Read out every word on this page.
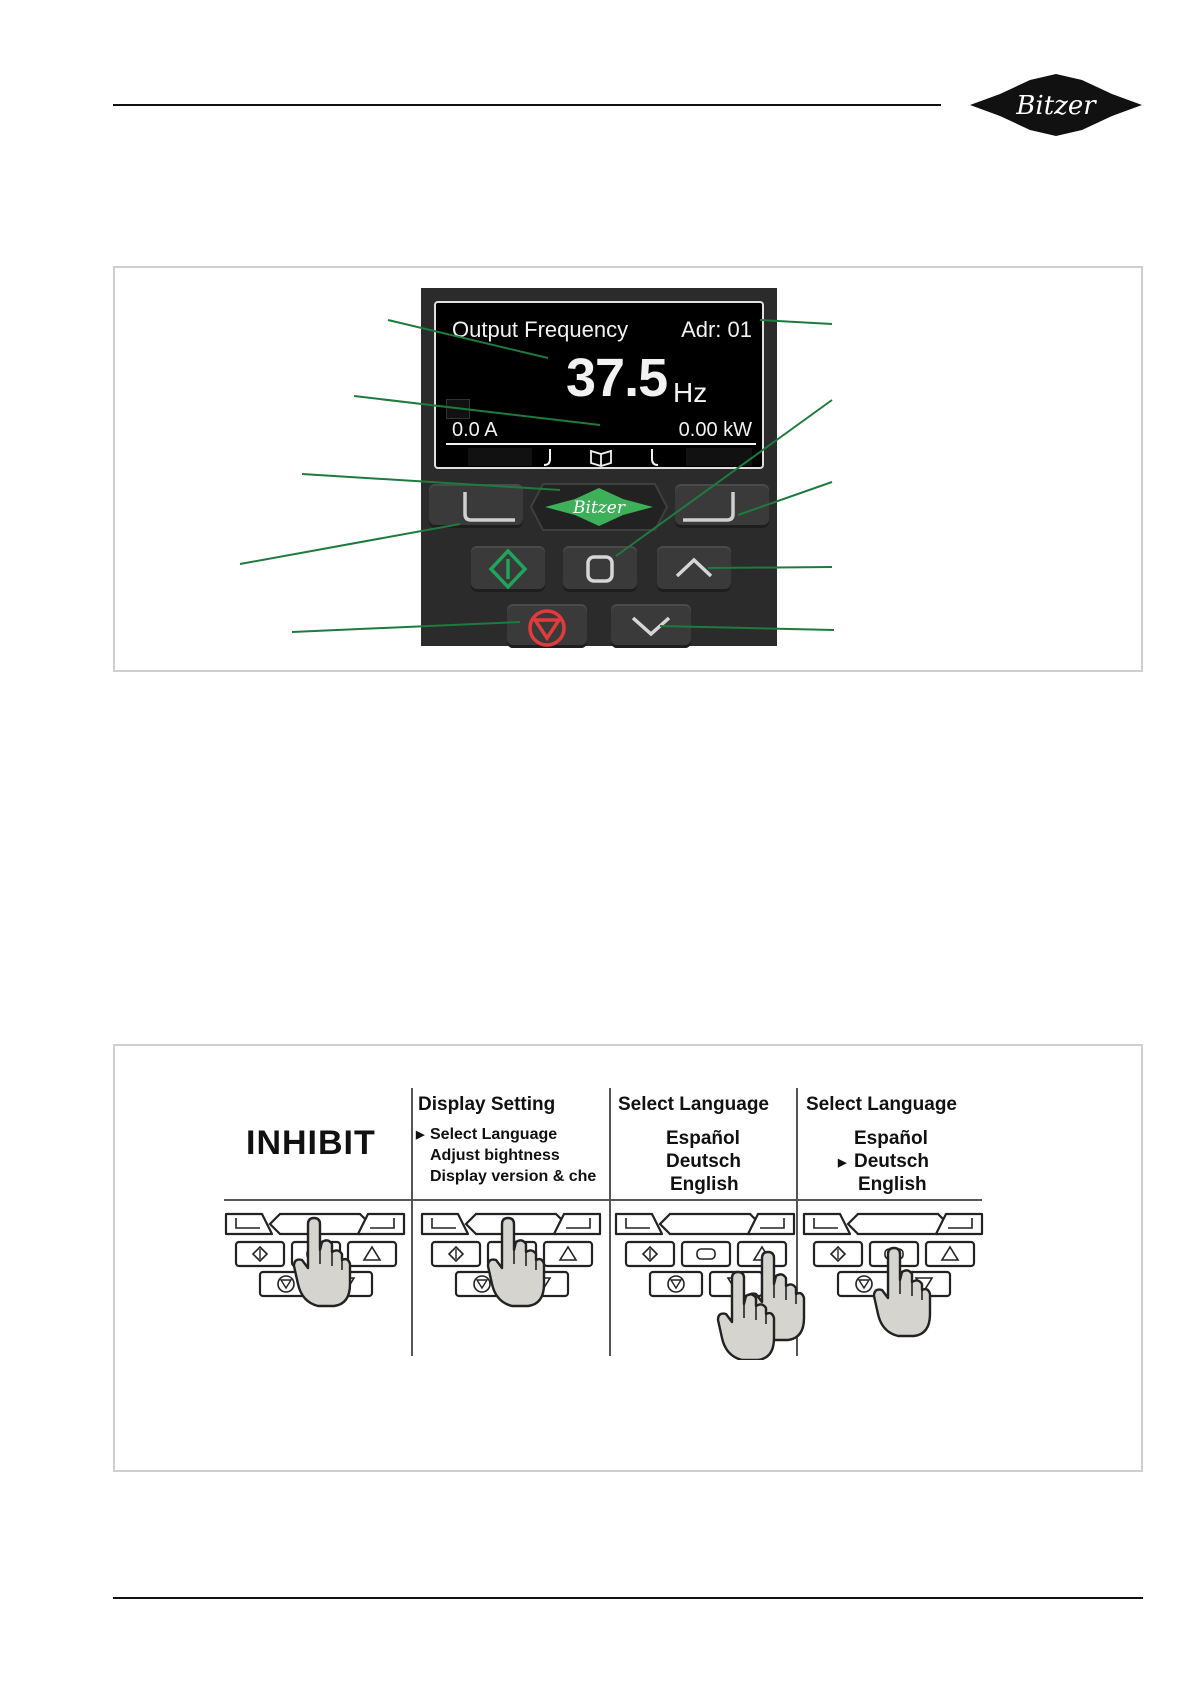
Bitzer
Output Frequency Adr: 01
37.5 Hz
0.0 A	0.00 kW
Bitzer
INHIBIT
Display Setting
▶ Select Language
Adjust bightness
Display version & che
Select Language
Español
Deutsch
English
Select Language
Español
▶ Deutsch
English
